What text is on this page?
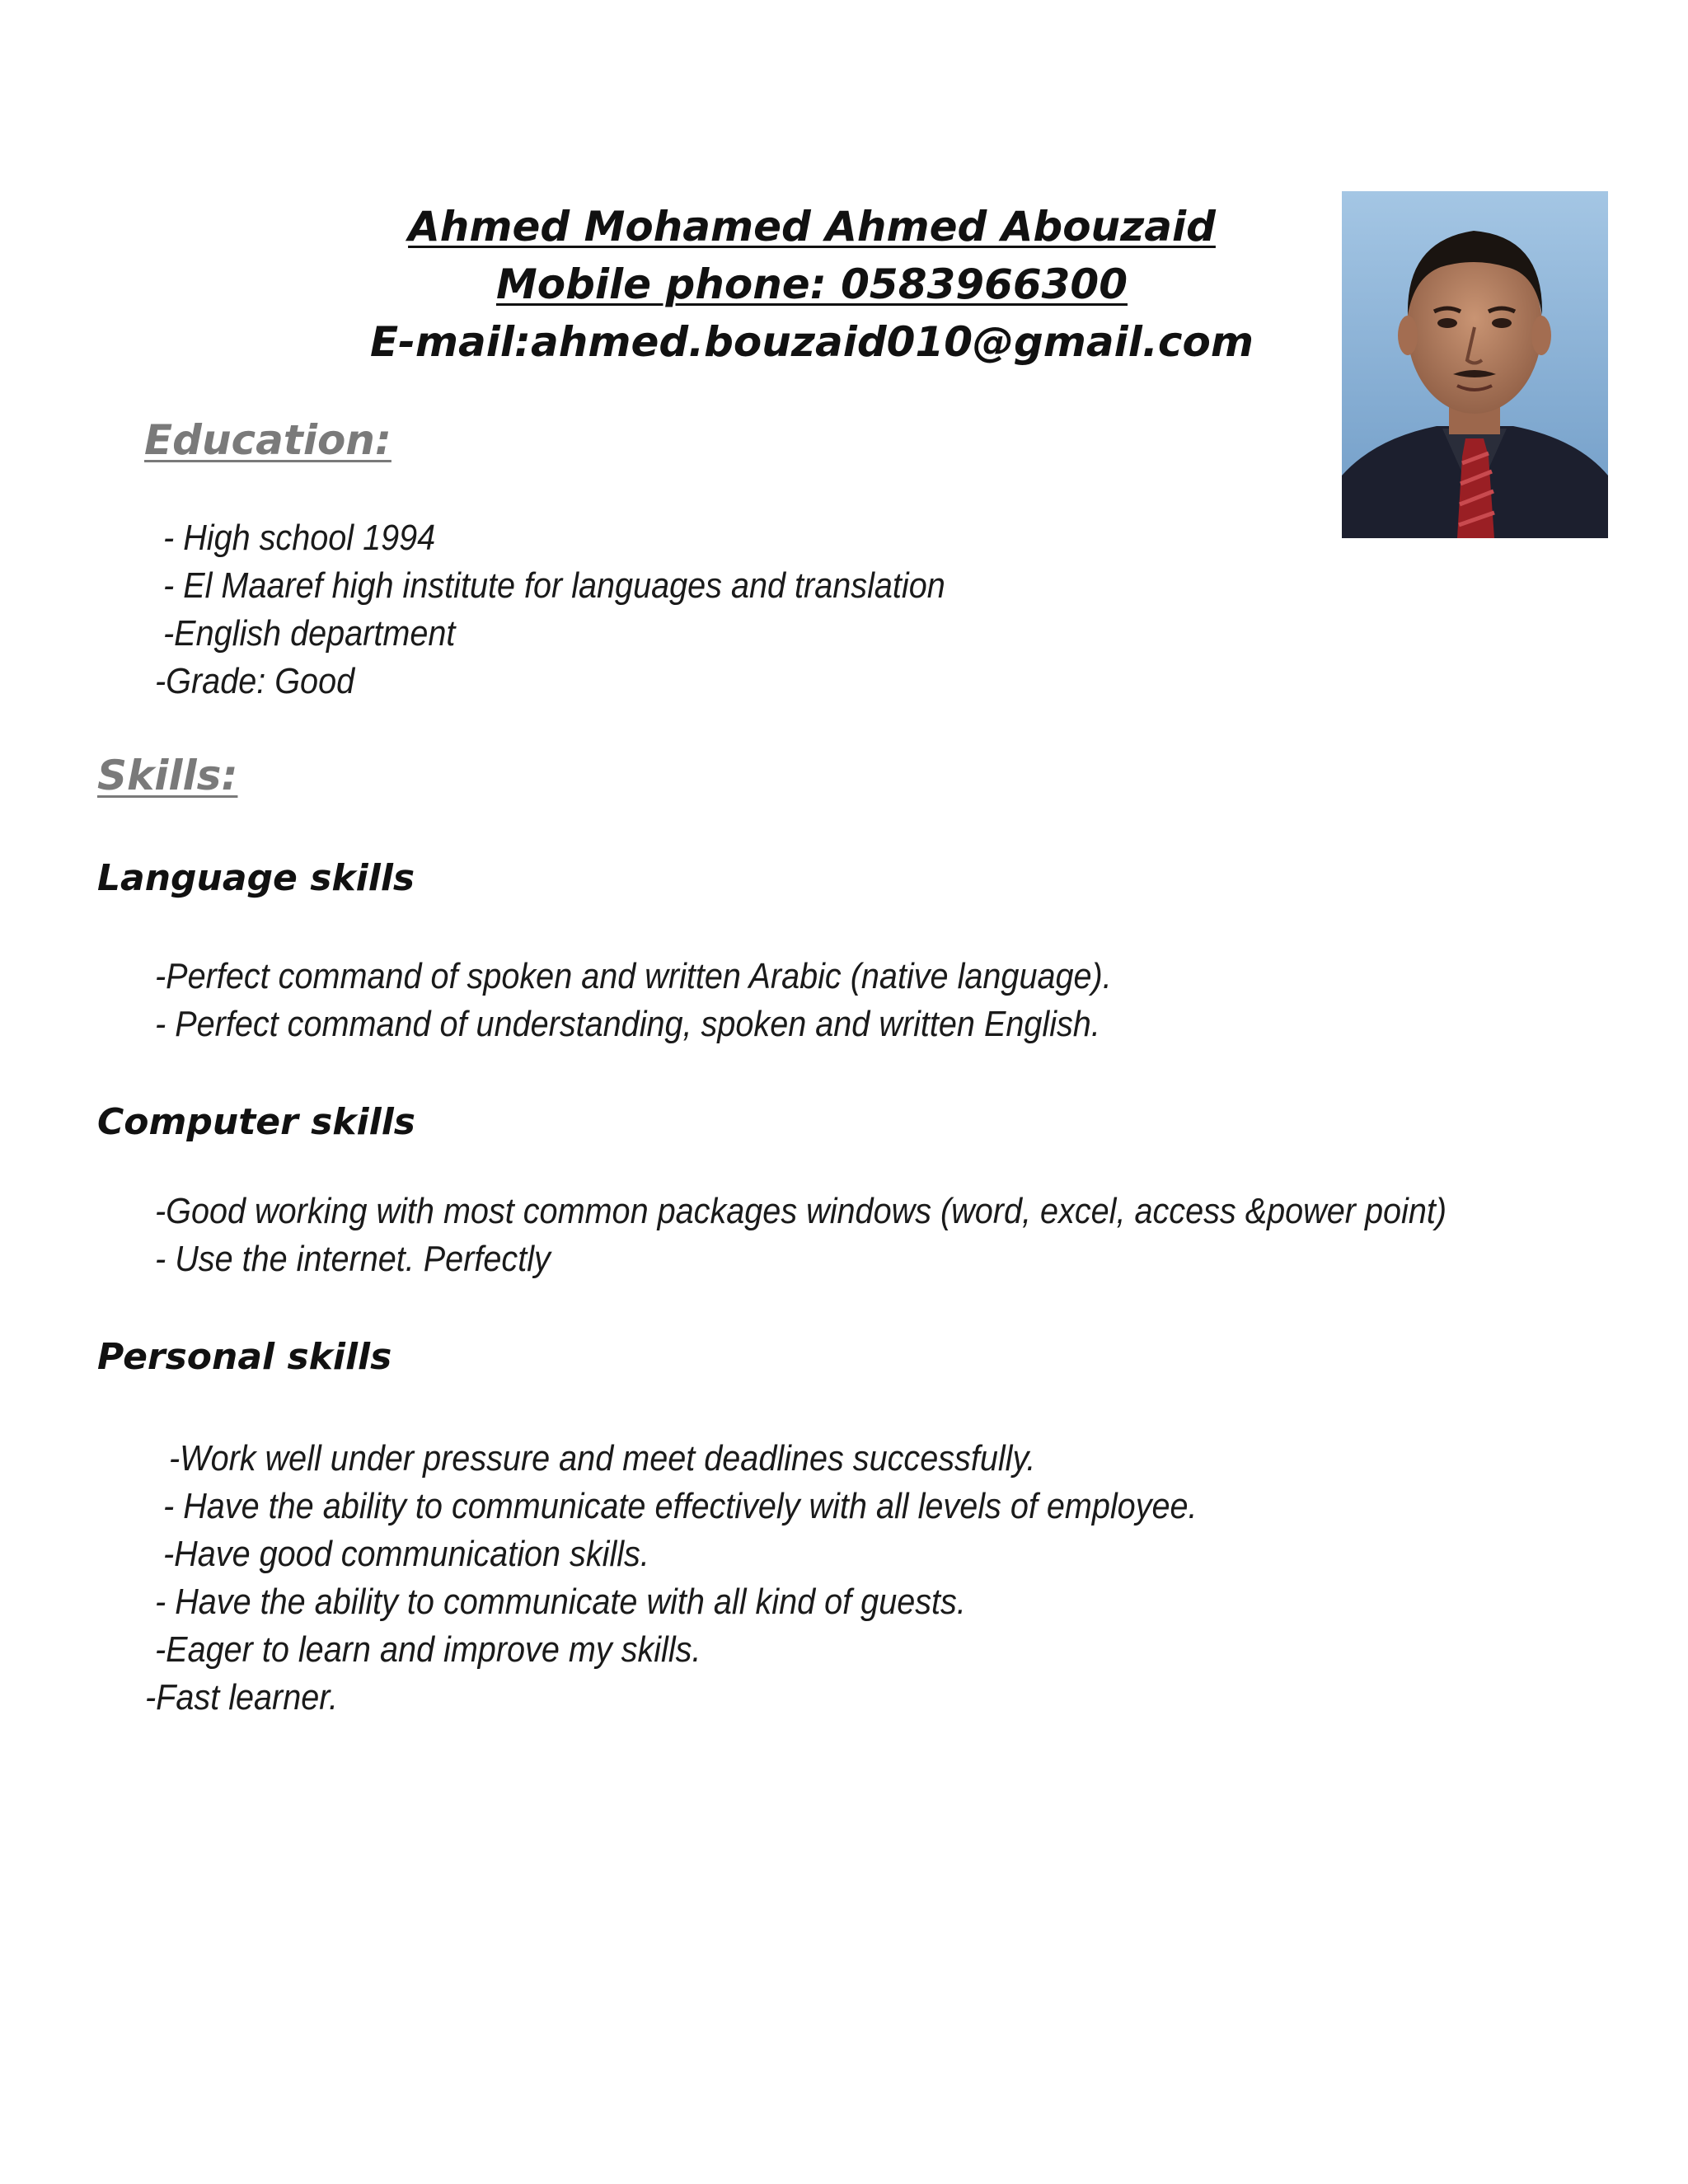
Ahmed Mohamed Ahmed Abouzaid
Mobile phone: 0583966300
E-mail:ahmed.bouzaid010@gmail.com
Education:
- High school 1994
- El Maaref high institute for languages and translation
-English department
-Grade: Good
Skills:
Language skills
-Perfect command of spoken and written Arabic (native language).
- Perfect command of understanding, spoken and written English.
Computer skills
-Good working with most common packages windows (word, excel, access &power point)
- Use the internet. Perfectly
Personal skills
-Work well under pressure and meet deadlines successfully.
- Have the ability to communicate effectively with all levels of employee.
-Have good communication skills.
- Have the ability to communicate with all kind of guests.
-Eager to learn and improve my skills.
-Fast learner.
